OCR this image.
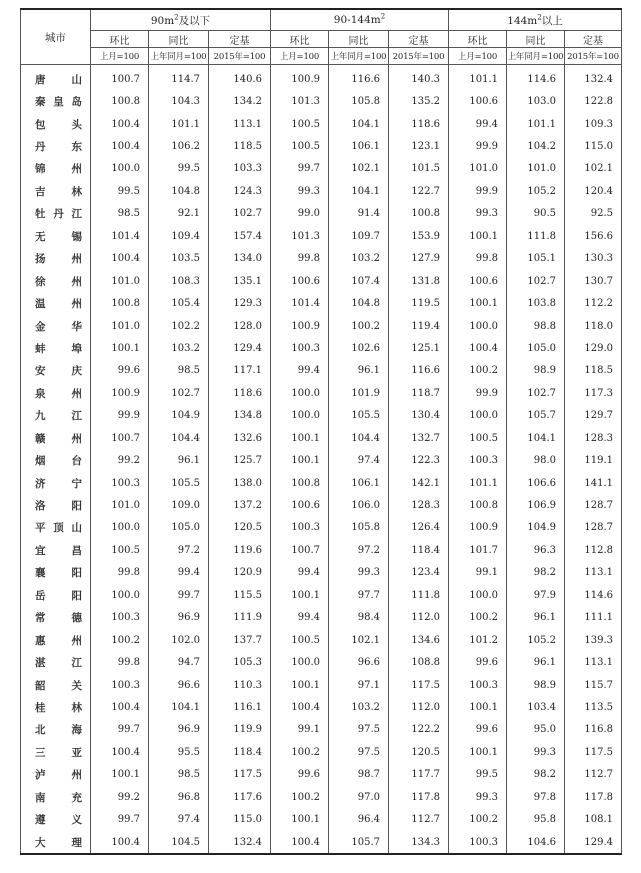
城市	$90m^2$及以下			$90-144m^2$			$144m^2$以上		
	环比	同比	定基	环比	同比	定基	环比	同比	定基
	上月=100	上年同月=100	2015年=100	上月=100	上年同月=100	2015年=100	上月=100	上年同月=100	2015年=100
唐山	100.7	114.7	140.6	100.9	116.6	140.3	101.1	114.6	132.4
秦皇岛	100.8	104.3	134.2	101.3	105.8	135.2	100.6	103.0	122.8
包头	100.4	101.1	113.1	100.5	104.1	118.6	99.4	101.1	109.3
丹东	100.4	106.2	118.5	100.5	106.1	123.1	99.9	104.2	115.0
锦州	100.0	99.5	103.3	99.7	102.1	101.5	101.0	101.0	102.1
吉林	99.5	104.8	124.3	99.3	104.1	122.7	99.9	105.2	120.4
牡丹江	98.5	92.1	102.7	99.0	91.4	100.8	99.3	90.5	92.5
无锡	101.4	109.4	157.4	101.3	109.7	153.9	100.1	111.8	156.6
扬州	100.4	103.5	134.0	99.8	103.2	127.9	99.8	105.1	130.3
徐州	101.0	108.3	135.1	100.6	107.4	131.8	100.6	102.7	130.7
温州	100.8	105.4	129.3	101.4	104.8	119.5	100.1	103.8	112.2
金华	101.0	102.2	128.0	100.9	100.2	119.4	100.0	98.8	118.0
蚌埠	100.1	103.2	129.4	100.3	102.6	125.1	100.4	105.0	129.0
安庆	99.6	98.5	117.1	99.4	96.1	116.6	100.2	98.9	118.5
泉州	100.9	102.7	118.6	100.0	101.9	118.7	99.9	102.7	117.3
九江	99.9	104.9	134.8	100.0	105.5	130.4	100.0	105.7	129.7
赣州	100.7	104.4	132.6	100.1	104.4	132.7	100.5	104.1	128.3
烟台	99.2	96.1	125.7	100.1	97.4	122.3	100.3	98.0	119.1
济宁	100.3	105.5	138.0	100.8	106.1	142.1	101.1	106.6	141.1
洛阳	101.0	109.0	137.2	100.6	106.0	128.3	100.8	106.9	128.7
平顶山	100.0	105.0	120.5	100.3	105.8	126.4	100.9	104.9	128.7
宜昌	100.5	97.2	119.6	100.7	97.2	118.4	101.7	96.3	112.8
襄阳	99.8	99.4	120.9	99.4	99.3	123.4	99.1	98.2	113.1
岳阳	100.0	99.7	115.5	100.1	97.7	111.8	100.0	97.9	114.6
常德	100.3	96.9	111.9	99.4	98.4	112.0	100.2	96.1	111.1
惠州	100.2	102.0	137.7	100.5	102.1	134.6	101.2	105.2	139.3
湛江	99.8	94.7	105.3	100.0	96.6	108.8	99.6	96.1	113.1
韶关	100.3	96.6	110.3	100.1	97.1	117.5	100.3	98.9	115.7
桂林	100.4	104.1	116.1	100.4	103.2	112.0	100.1	103.4	113.5
北海	99.7	96.9	119.9	99.1	97.5	122.2	99.6	95.0	116.8
三亚	100.4	95.5	118.4	100.2	97.5	120.5	100.1	99.3	117.5
泸州	100.1	98.5	117.5	99.6	98.7	117.7	99.5	98.2	112.7
南充	99.2	96.8	117.6	100.2	97.0	117.8	99.3	97.8	117.8
遵义	99.7	97.4	115.0	100.1	96.4	112.7	100.2	95.8	108.1
大理	100.4	104.5	132.4	100.4	105.7	134.3	100.3	104.6	129.4
